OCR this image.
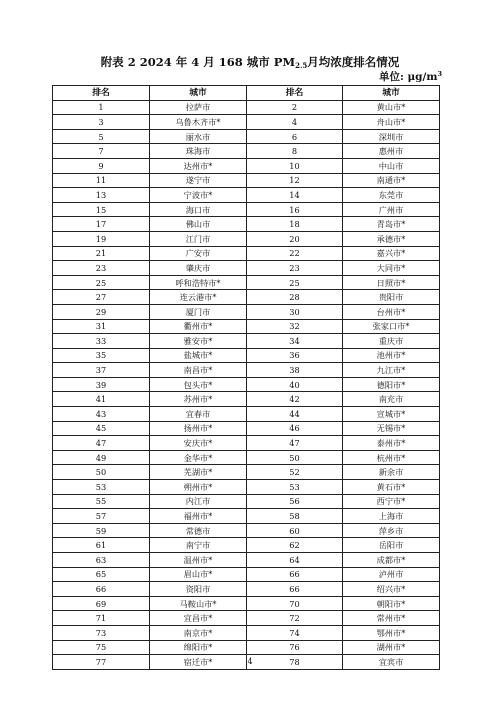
附表 2 2024 年 4 月 168 城市 $PM_{2.5}$月均浓度排名情况
单位: $\mu g/m^3$
排名	城市	排名	城市
1	拉萨市	2	黄山市*
3	乌鲁木齐市*	4	舟山市*
5	丽水市	6	深圳市
7	珠海市	8	惠州市
9	达州市*	10	中山市
11	遂宁市	12	南通市*
13	宁波市*	14	东莞市
15	海口市	16	广州市
17	佛山市	18	青岛市*
19	江门市	20	承德市*
21	广安市	22	嘉兴市*
23	肇庆市	23	大同市*
25	呼和浩特市*	25	日照市*
27	连云港市*	28	贵阳市
29	厦门市	30	台州市*
31	衢州市*	32	张家口市*
33	雅安市*	34	重庆市
35	盐城市*	36	池州市*
37	南昌市*	38	九江市*
39	包头市*	40	德阳市*
41	苏州市*	42	南充市
43	宜春市	44	宣城市*
45	扬州市*	46	无锡市*
47	安庆市*	47	泰州市*
49	金华市*	50	杭州市*
50	芜湖市*	52	新余市
53	朔州市*	53	黄石市*
55	内江市	56	西宁市*
57	福州市*	58	上海市
59	常德市	60	萍乡市
61	南宁市	62	岳阳市
63	温州市*	64	成都市*
65	眉山市*	66	泸州市
66	资阳市	66	绍兴市*
69	马鞍山市*	70	朝阳市*
71	宜昌市*	72	常州市*
73	南京市*	74	鄂州市*
75	绵阳市*	76	湖州市*
77	宿迁市*	78	宜宾市
4
